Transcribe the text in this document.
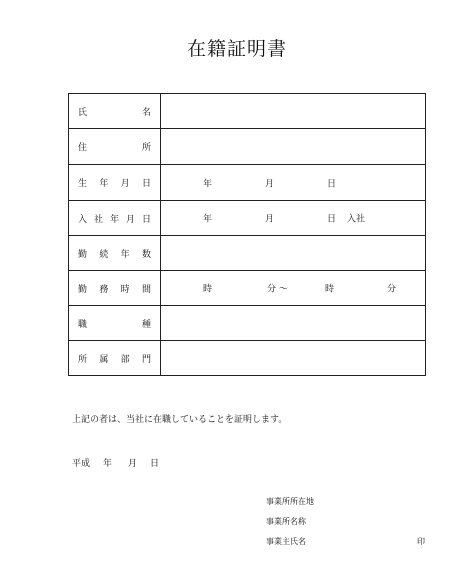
在籍証明書
氏 名	

住 所	

生 年 月 日	年 月 日

入 社 年 月 日	年 月 日 入社

勤 続 年 数	

勤 務 時 間	時 分 ～ 時 分

職 種	

所 属 部 門	

上記の者は、当社に在職していることを証明します。
平成 年 月 日
事業所所在地
事業所名称
事業主氏名	印
